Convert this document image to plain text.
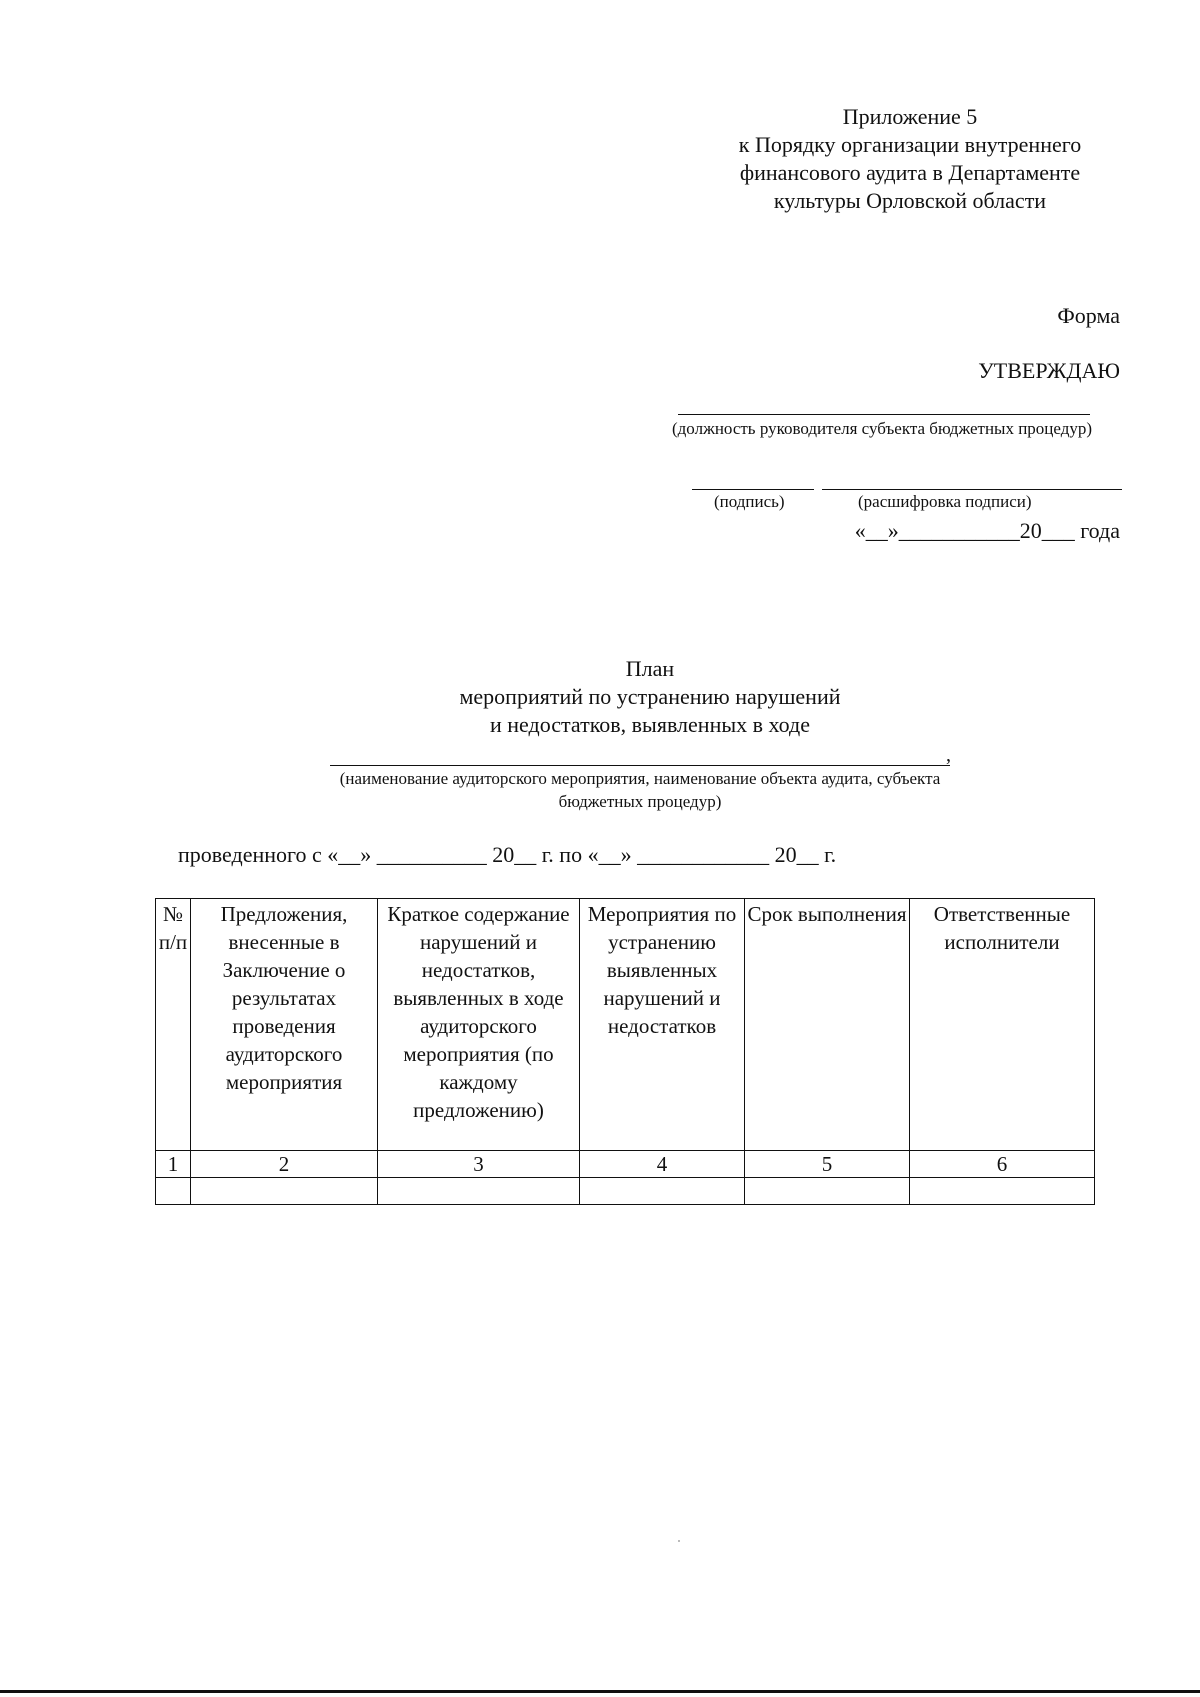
Приложение 5
к Порядку организации внутреннего
финансового аудита в Департаменте
культуры Орловской области
Форма
УТВЕРЖДАЮ
(должность руководителя субъекта бюджетных процедур)
(подпись)	(расшифровка подписи)
«__»___________20___ года
План
мероприятий по устранению нарушений
и недостатков, выявленных в ходе
,
(наименование аудиторского мероприятия, наименование объекта аудита, субъекта бюджетных процедур)
проведенного с «__» __________ 20__ г. по «__» ____________ 20__ г.
№ п/п	Предложения, внесенные в Заключение о результатах проведения аудиторского мероприятия	Краткое содержание нарушений и недостатков, выявленных в ходе аудиторского мероприятия (по каждому предложению)	Мероприятия по устранению выявленных нарушений и недостатков	Срок выполнения	Ответственные исполнители
1	2	3	4	5	6
